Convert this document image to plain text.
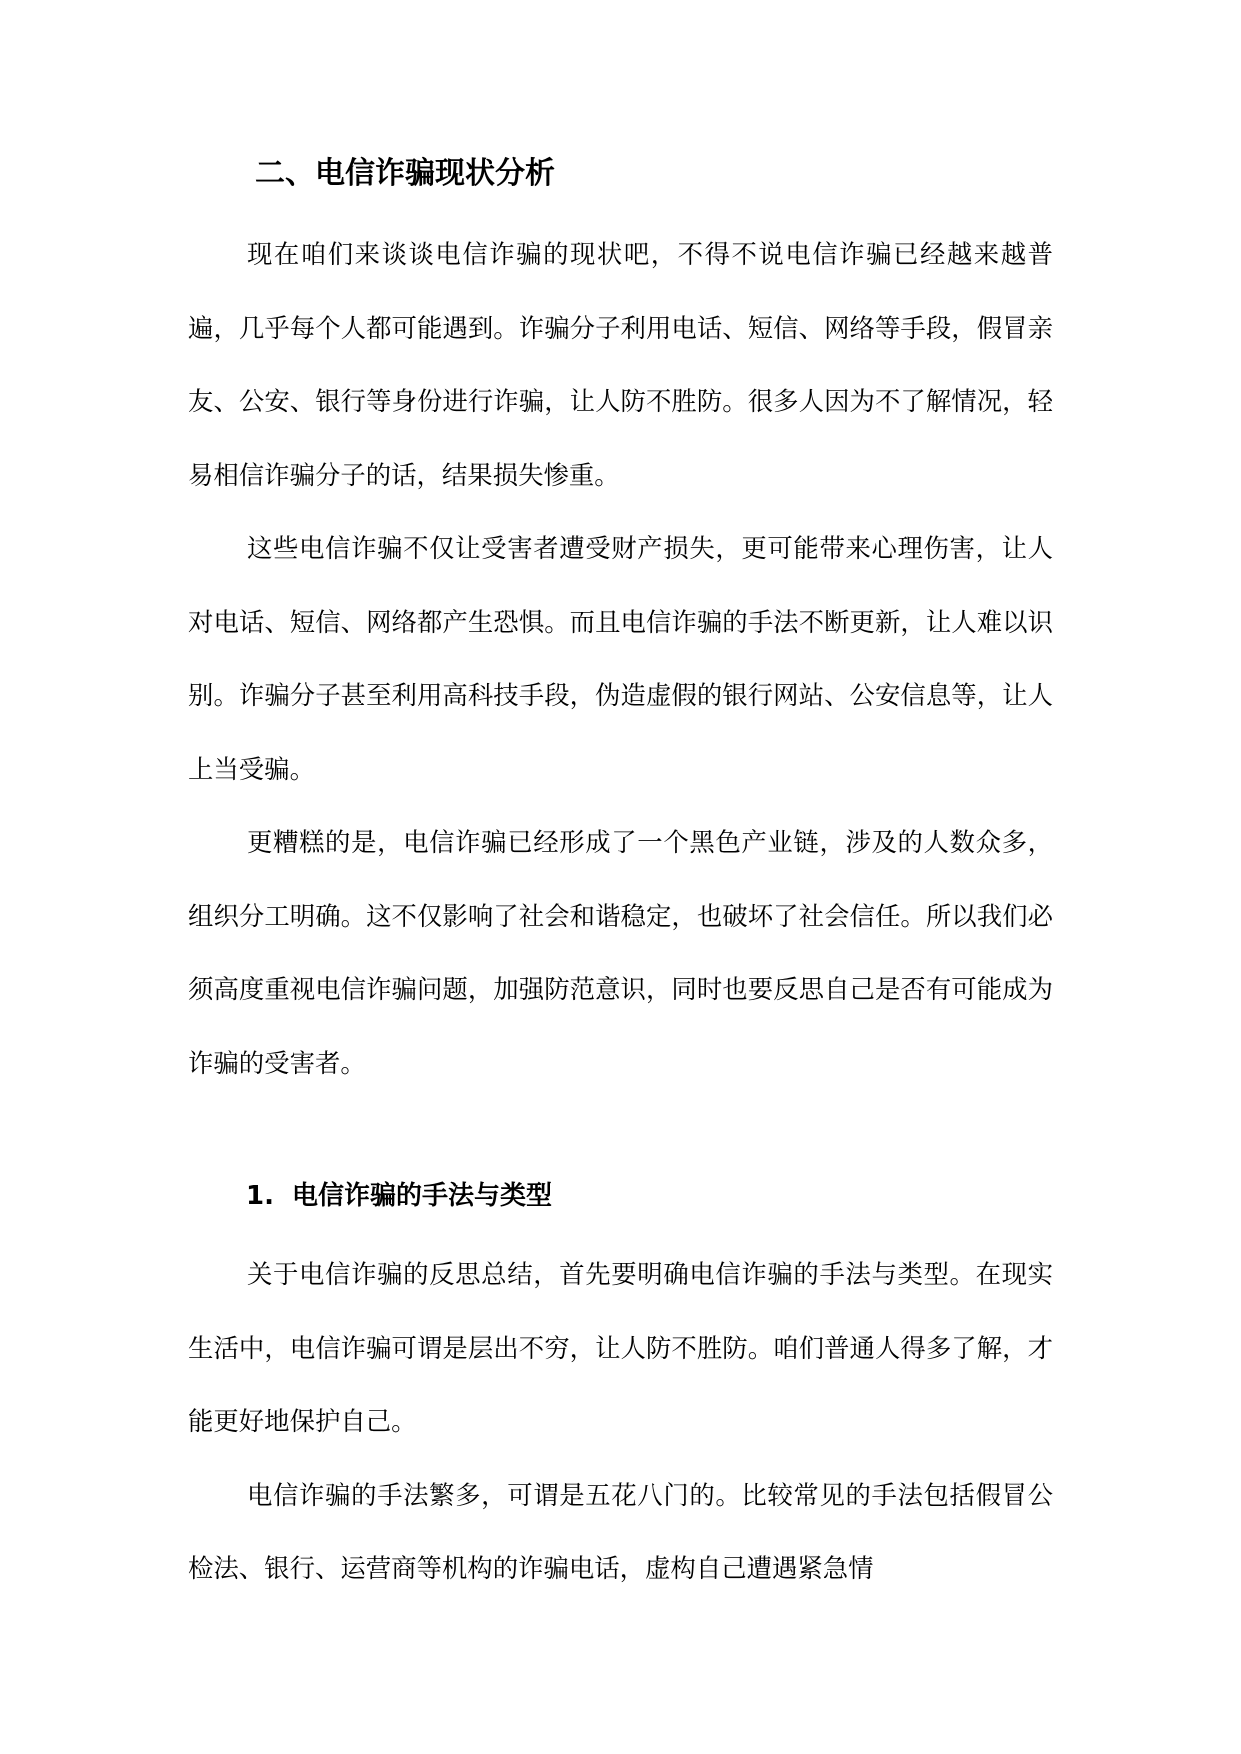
二、电信诈骗现状分析

现在咱们来谈谈电信诈骗的现状吧，不得不说电信诈骗已经越来越普遍，几乎每个人都可能遇到。诈骗分子利用电话、短信、网络等手段，假冒亲友、公安、银行等身份进行诈骗，让人防不胜防。很多人因为不了解情况，轻易相信诈骗分子的话，结果损失惨重。

这些电信诈骗不仅让受害者遭受财产损失，更可能带来心理伤害，让人对电话、短信、网络都产生恐惧。而且电信诈骗的手法不断更新，让人难以识别。诈骗分子甚至利用高科技手段，伪造虚假的银行网站、公安信息等，让人上当受骗。

更糟糕的是，电信诈骗已经形成了一个黑色产业链，涉及的人数众多，组织分工明确。这不仅影响了社会和谐稳定，也破坏了社会信任。所以我们必须高度重视电信诈骗问题，加强防范意识，同时也要反思自己是否有可能成为诈骗的受害者。

1. 电信诈骗的手法与类型

关于电信诈骗的反思总结，首先要明确电信诈骗的手法与类型。在现实生活中，电信诈骗可谓是层出不穷，让人防不胜防。咱们普通人得多了解，才能更好地保护自己。

电信诈骗的手法繁多，可谓是五花八门的。比较常见的手法包括假冒公检法、银行、运营商等机构的诈骗电话，虚构自己遭遇紧急情
